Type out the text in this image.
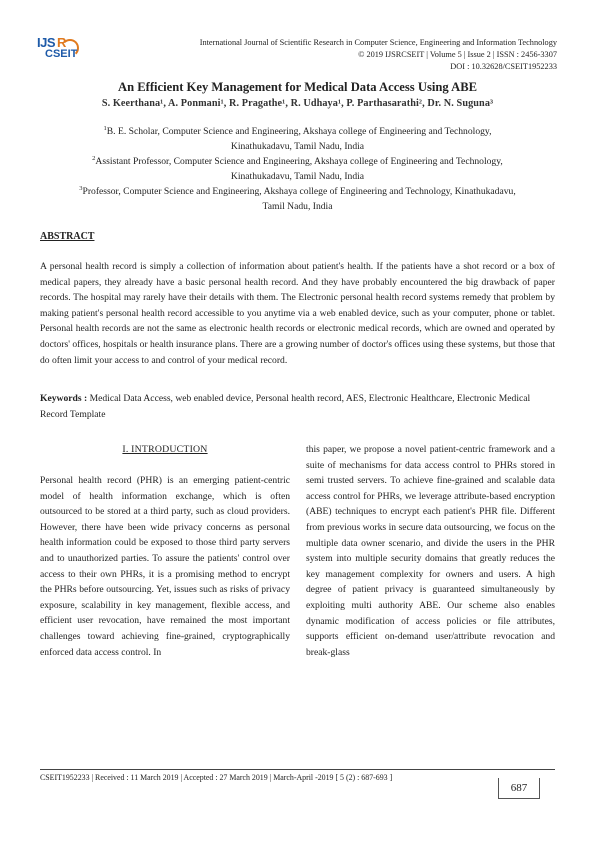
IJS R
CSEIT
International Journal of Scientific Research in Computer Science, Engineering and Information Technology
© 2019 IJSRCSEIT | Volume 5 | Issue 2 | ISSN : 2456-3307
DOI : 10.32628/CSEIT1952233
An Efficient Key Management for Medical Data Access Using ABE
S. Keerthana¹, A. Ponmani¹, R. Pragathe¹, R. Udhaya¹, P. Parthasarathi², Dr. N. Suguna³
$^1$B. E. Scholar, Computer Science and Engineering, Akshaya college of Engineering and Technology,
Kinathukadavu, Tamil Nadu, India
$^2$Assistant Professor, Computer Science and Engineering, Akshaya college of Engineering and Technology,
Kinathukadavu, Tamil Nadu, India
$^3$Professor, Computer Science and Engineering, Akshaya college of Engineering and Technology, Kinathukadavu,
Tamil Nadu, India
ABSTRACT
A personal health record is simply a collection of information about patient's health. If the patients have a shot record or a box of medical papers, they already have a basic personal health record. And they have probably encountered the big drawback of paper records. The hospital may rarely have their details with them. The Electronic personal health record systems remedy that problem by making patient's personal health record accessible to you anytime via a web enabled device, such as your computer, phone or tablet. Personal health records are not the same as electronic health records or electronic medical records, which are owned and operated by doctors' offices, hospitals or health insurance plans. There are a growing number of doctor's offices using these systems, but those that do often limit your access to and control of your medical record.
Keywords : Medical Data Access, web enabled device, Personal health record, AES, Electronic Healthcare, Electronic Medical Record Template
I. INTRODUCTION
Personal health record (PHR) is an emerging patient-centric model of health information exchange, which is often outsourced to be stored at a third party, such as cloud providers. However, there have been wide privacy concerns as personal health information could be exposed to those third party servers and to unauthorized parties. To assure the patients' control over access to their own PHRs, it is a promising method to encrypt the PHRs before outsourcing. Yet, issues such as risks of privacy exposure, scalability in key management, flexible access, and efficient user revocation, have remained the most important challenges toward achieving fine-grained, cryptographically enforced data access control. In
this paper, we propose a novel patient-centric framework and a suite of mechanisms for data access control to PHRs stored in semi trusted servers. To achieve fine-grained and scalable data access control for PHRs, we leverage attribute-based encryption (ABE) techniques to encrypt each patient's PHR file. Different from previous works in secure data outsourcing, we focus on the multiple data owner scenario, and divide the users in the PHR system into multiple security domains that greatly reduces the key management complexity for owners and users. A high degree of patient privacy is guaranteed simultaneously by exploiting multi authority ABE. Our scheme also enables dynamic modification of access policies or file attributes, supports efficient on-demand user/attribute revocation and break-glass
CSEIT1952233 | Received : 11 March 2019 | Accepted : 27 March 2019 | March-April -2019 [ 5 (2) : 687-693 ]
687
